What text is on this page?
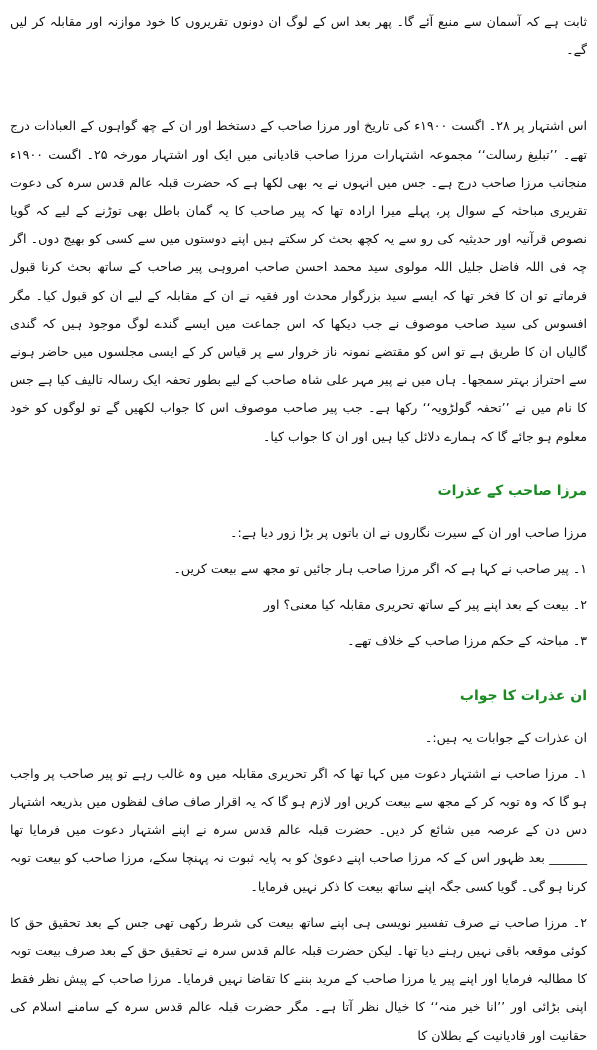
ثابت ہے کہ آسمان سے منبع آئے گا۔ پھر بعد اس کے لوگ ان دونوں تقریروں کا خود موازنہ اور مقابلہ کر لیں گے۔

اس اشتہار پر ۲۸۔ اگست ۱۹۰۰ء کی تاریخ اور مرزا صاحب کے دستخط اور ان کے چھ گواہوں کے العبادات درج تھے۔ ’’تبلیغ رسالت‘‘ مجموعہ اشتہارات مرزا صاحب قادیانی میں ایک اور اشتہار مورخہ ۲۵۔ اگست ۱۹۰۰ء منجانب مرزا صاحب درج ہے۔ جس میں انہوں نے یہ بھی لکھا ہے کہ حضرت قبلہ عالم قدس سرہ کی دعوت تقریری مباحثہ کے سوال پر، پہلے میرا ارادہ تھا کہ پیر صاحب کا یہ گمان باطل بھی توڑنے کے لیے کہ گویا نصوص قرآنیہ اور حدیثیہ کی رو سے یہ کچھ بحث کر سکتے ہیں اپنے دوستوں میں سے کسی کو بھیج دوں۔ اگر چہ فی اللہ فاضل جلیل اللہ مولوی سید محمد احسن صاحب امروہی پیر صاحب کے ساتھ بحث کرنا قبول فرماتے تو ان کا فخر تھا کہ ایسے سید بزرگوار محدث اور فقیہ نے ان کے مقابلہ کے لیے ان کو قبول کیا۔ مگر افسوس کی سید صاحب موصوف نے جب دیکھا کہ اس جماعت میں ایسے گندے لوگ موجود ہیں کہ گندی گالیاں ان کا طریق ہے تو اس کو مقتضے نمونہ ناز خروار سے پر قیاس کر کے ایسی مجلسوں میں حاضر ہونے سے احتراز بہتر سمجھا۔ ہاں میں نے پیر مہر علی شاہ صاحب کے لیے بطور تحفہ ایک رسالہ تالیف کیا ہے جس کا نام میں نے ’’تحفہ گولڑویہ‘‘ رکھا ہے۔ جب پیر صاحب موصوف اس کا جواب لکھیں گے تو لوگوں کو خود معلوم ہو جائے گا کہ ہمارے دلائل کیا ہیں اور ان کا جواب کیا۔

مرزا صاحب کے عذرات

مرزا صاحب اور ان کے سیرت نگاروں نے ان باتوں پر بڑا زور دیا ہے:۔

۱۔ پیر صاحب نے کہا ہے کہ اگر مرزا صاحب ہار جائیں تو مجھ سے بیعت کریں۔

۲۔ بیعت کے بعد اپنے پیر کے ساتھ تحریری مقابلہ کیا معنی؟ اور

۳۔ مباحثہ کے حکم مرزا صاحب کے خلاف تھے۔

ان عذرات کا جواب

ان عذرات کے جوابات یہ ہیں:۔

۱۔ مرزا صاحب نے اشتہار دعوت میں کہا تھا کہ اگر تحریری مقابلہ میں وہ غالب رہے تو پیر صاحب پر واجب ہو گا کہ وہ توبہ کر کے مجھ سے بیعت کریں اور لازم ہو گا کہ یہ اقرار صاف صاف لفظوں میں بذریعہ اشتہار دس دن کے عرصہ میں شائع کر دیں۔ حضرت قبلہ عالم قدس سرہ نے اپنے اشتہار دعوت میں فرمایا تھا ______ بعد ظہور اس کے کہ مرزا صاحب اپنے دعویٰ کو بہ پایہ ثبوت نہ پہنچا سکے، مرزا صاحب کو بیعت توبہ کرنا ہو گی۔ گویا کسی جگہ اپنے ساتھ بیعت کا ذکر نہیں فرمایا۔

۲۔ مرزا صاحب نے صرف تفسیر نویسی ہی اپنے ساتھ بیعت کی شرط رکھی تھی جس کے بعد تحقیق حق کا کوئی موقعہ باقی نہیں رہنے دیا تھا۔ لیکن حضرت قبلہ عالم قدس سرہ نے تحقیق حق کے بعد صرف بیعت توبہ کا مطالبہ فرمایا اور اپنے پیر یا مرزا صاحب کے مرید بننے کا تقاضا نہیں فرمایا۔ مرزا صاحب کے پیش نظر فقط اپنی بڑائی اور ’’انا خیر منہ‘‘ کا خیال نظر آتا ہے۔ مگر حضرت قبلہ عالم قدس سرہ کے سامنے اسلام کی حقانیت اور قادیانیت کے بطلان کا
